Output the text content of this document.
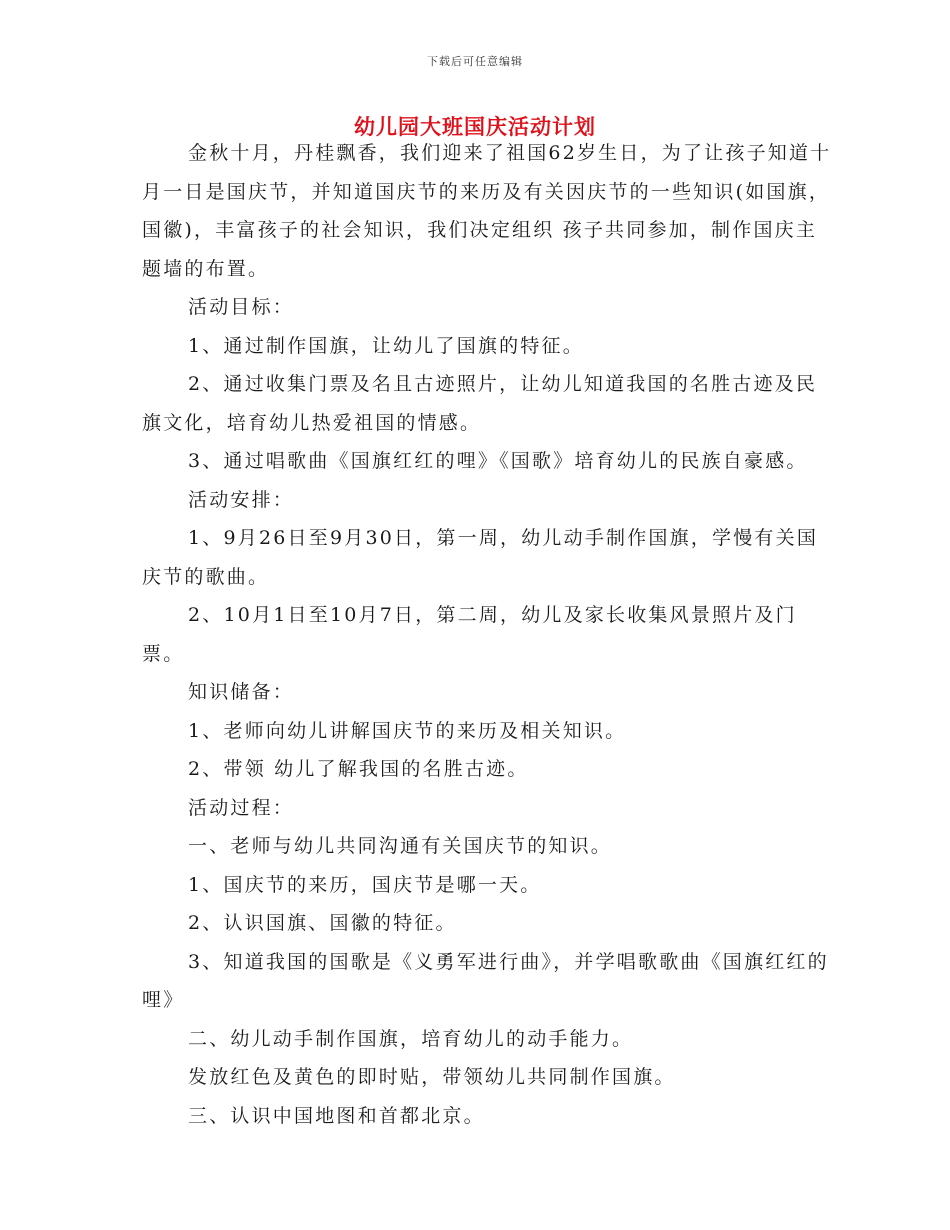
下载后可任意编辑
幼儿园大班国庆活动计划

金秋十月，丹桂飘香，我们迎来了祖国62岁生日，为了让孩子知道十月一日是国庆节，并知道国庆节的来历及有关因庆节的一些知识(如国旗，国徽)，丰富孩子的社会知识，我们决定组织 孩子共同参加，制作国庆主题墙的布置。

活动目标：

1、通过制作国旗，让幼儿了国旗的特征。

2、通过收集门票及名且古迹照片，让幼儿知道我国的名胜古迹及民旗文化，培育幼儿热爱祖国的情感。

3、通过唱歌曲《国旗红红的哩》《国歌》培育幼儿的民族自豪感。

活动安排：

1、9月26日至9月30日，第一周，幼儿动手制作国旗，学慢有关国庆节的歌曲。

2、10月1日至10月7日，第二周，幼儿及家长收集风景照片及门票。

知识储备：

1、老师向幼儿讲解国庆节的来历及相关知识。

2、带领 幼儿了解我国的名胜古迹。

活动过程：

一、老师与幼儿共同沟通有关国庆节的知识。

1、国庆节的来历，国庆节是哪一天。

2、认识国旗、国徽的特征。

3、知道我国的国歌是《义勇军进行曲》，并学唱歌歌曲《国旗红红的哩》

二、幼儿动手制作国旗，培育幼儿的动手能力。

发放红色及黄色的即时贴，带领幼儿共同制作国旗。

三、认识中国地图和首都北京。
